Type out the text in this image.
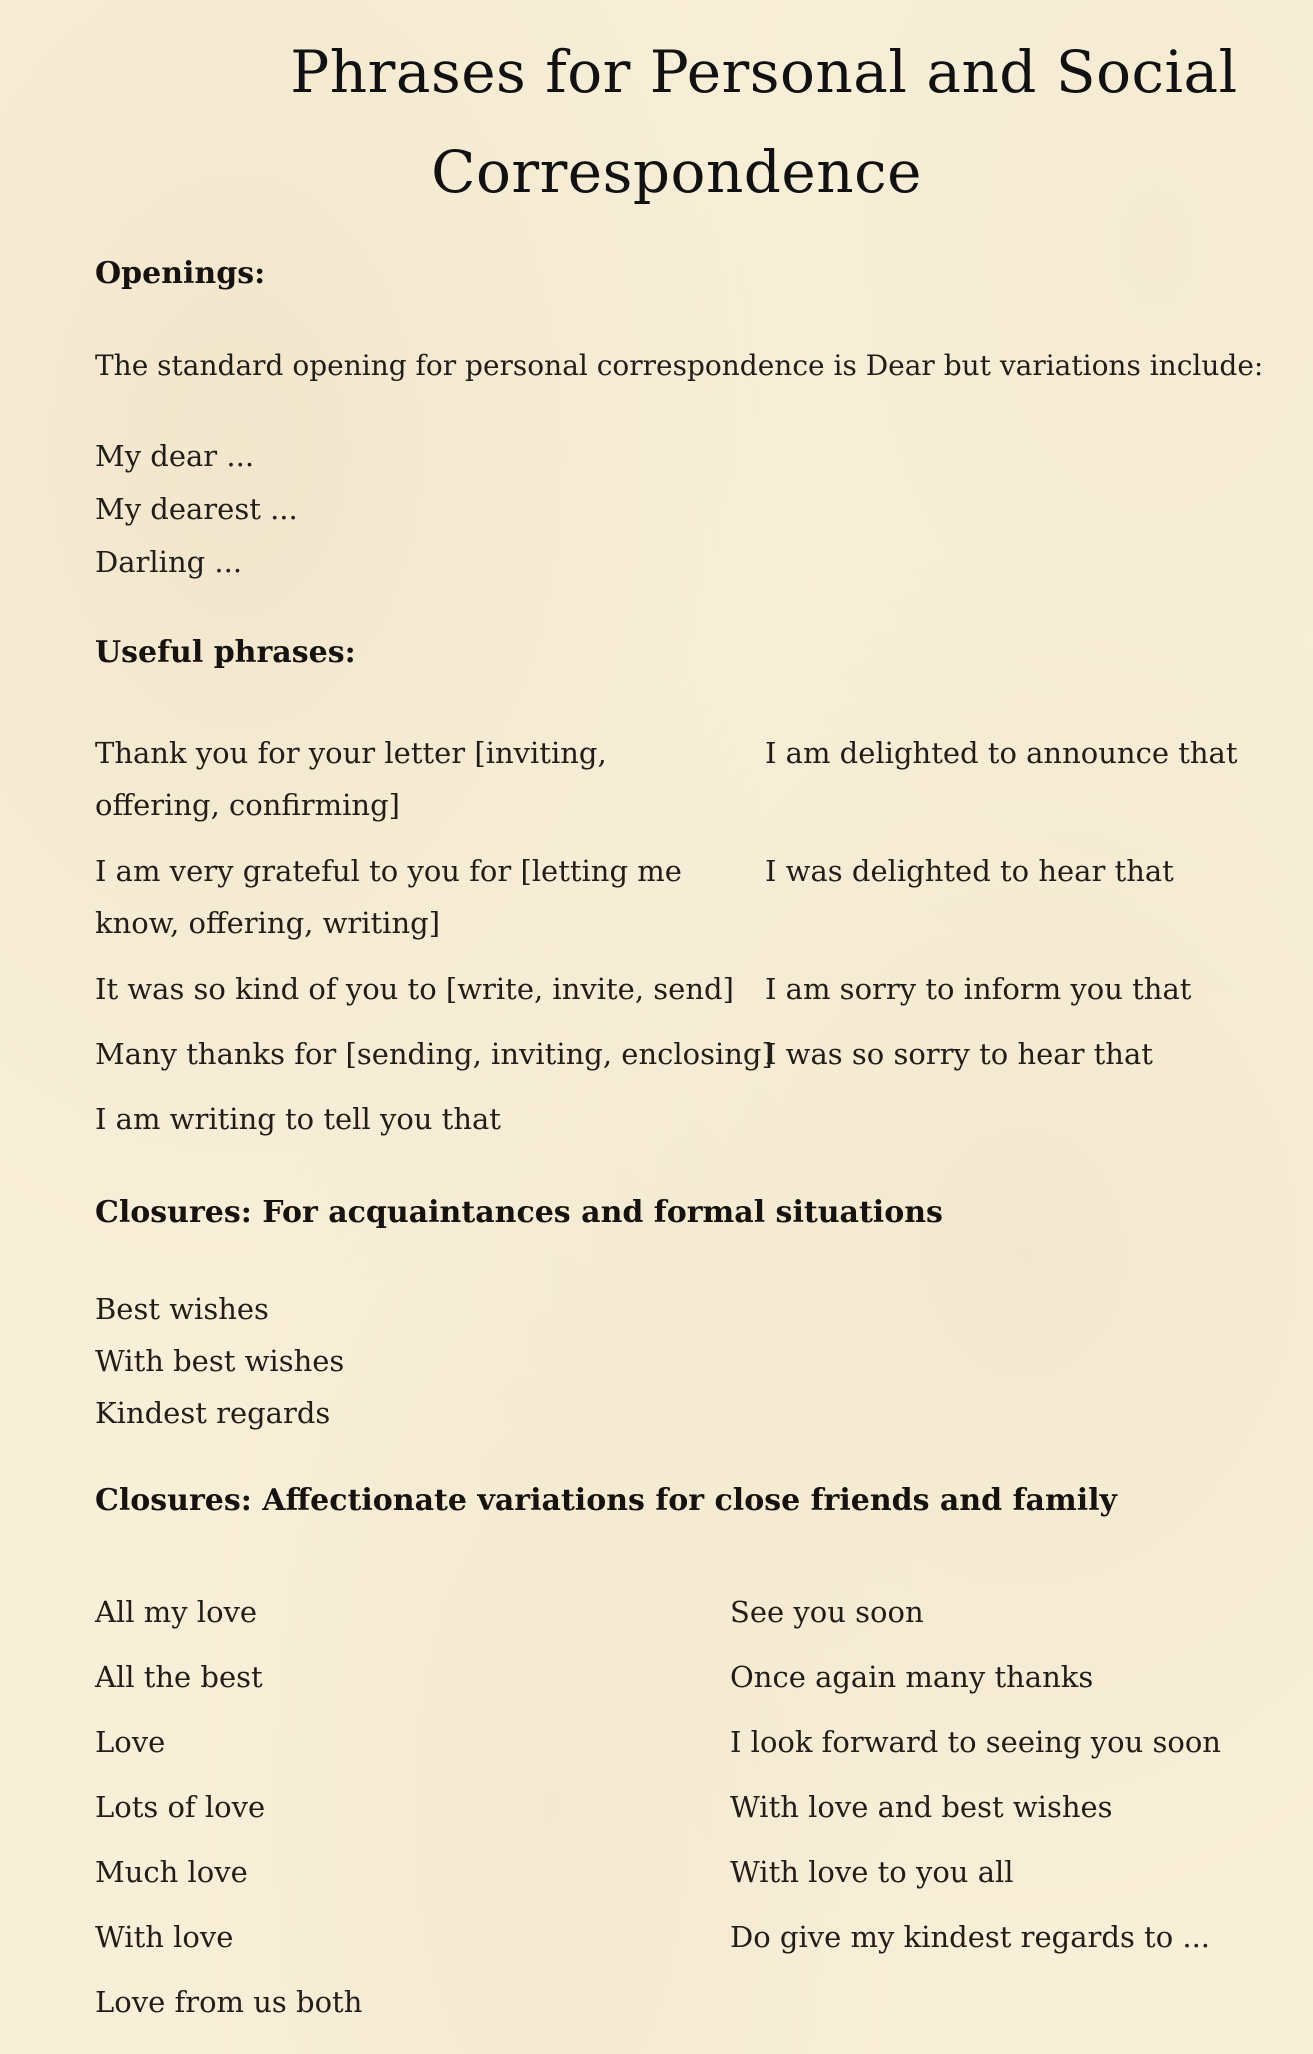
Phrases for Personal and Social
Correspondence
Openings:
The standard opening for personal correspondence is Dear but variations include:
My dear ...
My dearest ...
Darling ...
Useful phrases:
Thank you for your letter [inviting, offering, confirming]
I am very grateful to you for [letting me know, offering, writing]
It was so kind of you to [write, invite, send]
Many thanks for [sending, inviting, enclosing]
I am writing to tell you that
I am delighted to announce that
I was delighted to hear that
I am sorry to inform you that
I was so sorry to hear that
Closures: For acquaintances and formal situations
Best wishes
With best wishes
Kindest regards
Closures: Affectionate variations for close friends and family
All my love
All the best
Love
Lots of love
Much love
With love
Love from us both
See you soon
Once again many thanks
I look forward to seeing you soon
With love and best wishes
With love to you all
Do give my kindest regards to ...
